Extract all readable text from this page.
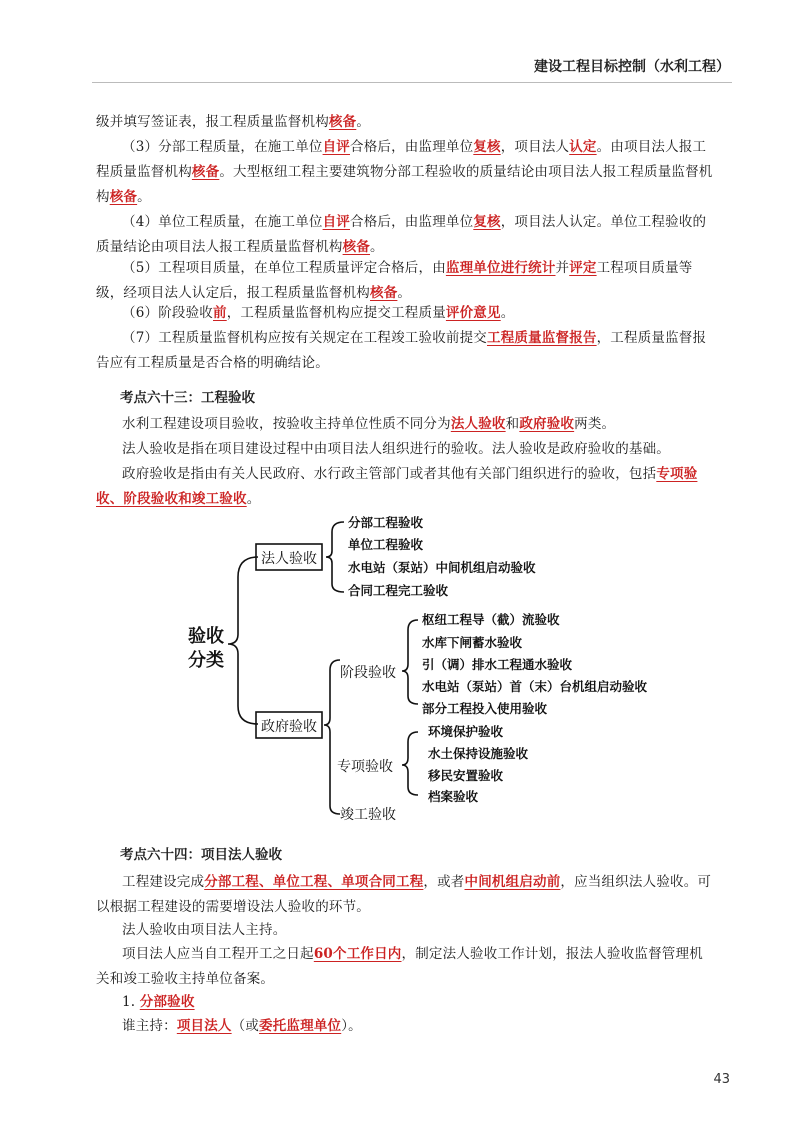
建设工程目标控制（水利工程）

级并填写签证表，报工程质量监督机构核备。

（3）分部工程质量，在施工单位自评合格后，由监理单位复核，项目法人认定。由项目法人报工程质量监督机构核备。大型枢纽工程主要建筑物分部工程验收的质量结论由项目法人报工程质量监督机构核备。

（4）单位工程质量，在施工单位自评合格后，由监理单位复核，项目法人认定。单位工程验收的质量结论由项目法人报工程质量监督机构核备。

（5）工程项目质量，在单位工程质量评定合格后，由监理单位进行统计并评定工程项目质量等级，经项目法人认定后，报工程质量监督机构核备。

（6）阶段验收前，工程质量监督机构应提交工程质量评价意见。

（7）工程质量监督机构应按有关规定在工程竣工验收前提交工程质量监督报告，工程质量监督报告应有工程质量是否合格的明确结论。

考点六十三：工程验收

水利工程建设项目验收，按验收主持单位性质不同分为法人验收和政府验收两类。

法人验收是指在项目建设过程中由项目法人组织进行的验收。法人验收是政府验收的基础。

政府验收是指由有关人民政府、水行政主管部门或者其他有关部门组织进行的验收，包括专项验收、阶段验收和竣工验收。

验收
分类
法人验收
分部工程验收
单位工程验收
水电站（泵站）中间机组启动验收
合同工程完工验收
政府验收
阶段验收
枢纽工程导（截）流验收
水库下闸蓄水验收
引（调）排水工程通水验收
水电站（泵站）首（末）台机组启动验收
部分工程投入使用验收
专项验收
环境保护验收
水土保持设施验收
移民安置验收
档案验收
竣工验收
考点六十四：项目法人验收

工程建设完成分部工程、单位工程、单项合同工程，或者中间机组启动前，应当组织法人验收。可以根据工程建设的需要增设法人验收的环节。

法人验收由项目法人主持。

项目法人应当自工程开工之日起60个工作日内，制定法人验收工作计划，报法人验收监督管理机关和竣工验收主持单位备案。

1. 分部验收

谁主持：项目法人（或委托监理单位）。

43
